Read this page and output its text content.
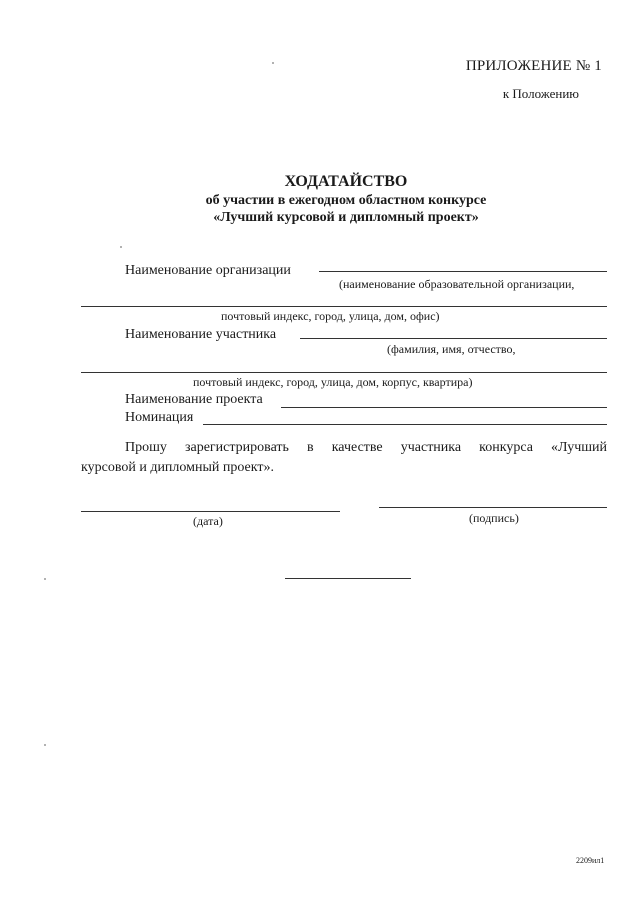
ПРИЛОЖЕНИЕ № 1
к Положению
ХОДАТАЙСТВО
об участии в ежегодном областном конкурсе
«Лучший курсовой и дипломный проект»
Наименование организации
(наименование образовательной организации,
почтовый индекс, город, улица, дом, офис)
Наименование участника
(фамилия, имя, отчество,
почтовый индекс, город, улица, дом, корпус, квартира)
Наименование проекта
Номинация
Прошу зарегистрировать в качестве участника конкурса «Лучший
курсовой и дипломный проект».
(дата)	(подпись)
2209ил1
